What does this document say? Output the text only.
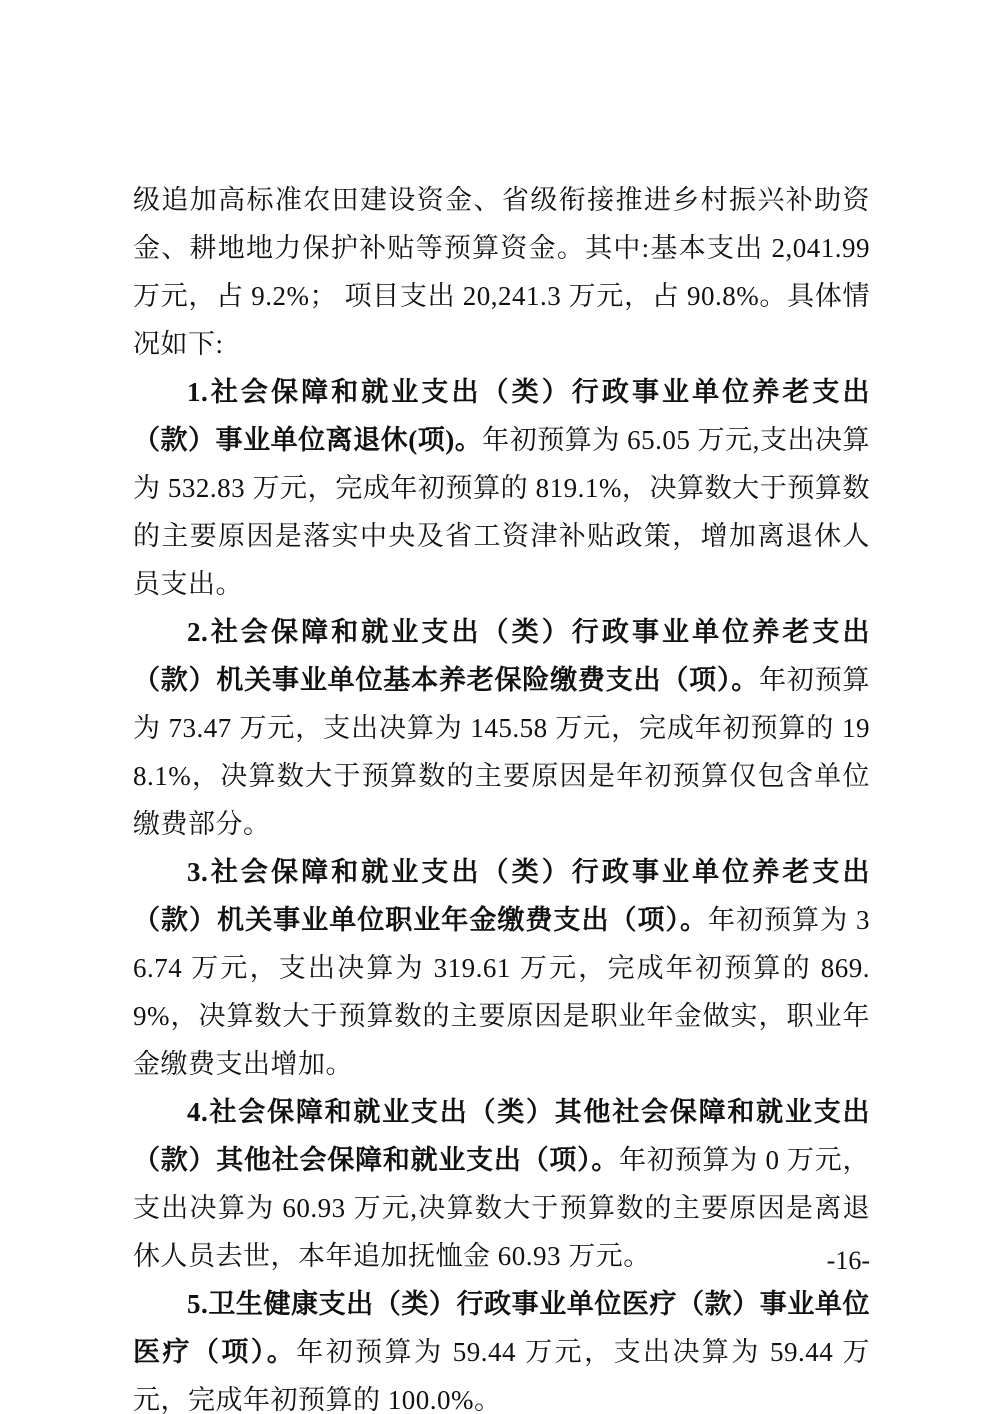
级追加高标准农田建设资金、省级衔接推进乡村振兴补助资金、耕地地力保护补贴等预算资金。其中:基本支出 2,041.99 万元，占 9.2%； 项目支出 20,241.3 万元，占 90.8%。具体情况如下:

1.社会保障和就业支出（类）行政事业单位养老支出（款）事业单位离退休(项)。年初预算为 65.05 万元,支出决算为 532.83 万元，完成年初预算的 819.1%，决算数大于预算数的主要原因是落实中央及省工资津补贴政策，增加离退休人员支出。

2.社会保障和就业支出（类）行政事业单位养老支出（款）机关事业单位基本养老保险缴费支出（项）。年初预算为 73.47 万元，支出决算为 145.58 万元，完成年初预算的 198.1%，决算数大于预算数的主要原因是年初预算仅包含单位缴费部分。

3.社会保障和就业支出（类）行政事业单位养老支出（款）机关事业单位职业年金缴费支出（项）。年初预算为 36.74 万元，支出决算为 319.61 万元，完成年初预算的 869.9%，决算数大于预算数的主要原因是职业年金做实，职业年金缴费支出增加。

4.社会保障和就业支出（类）其他社会保障和就业支出（款）其他社会保障和就业支出（项）。年初预算为 0 万元，支出决算为 60.93 万元,决算数大于预算数的主要原因是离退休人员去世，本年追加抚恤金 60.93 万元。

5.卫生健康支出（类）行政事业单位医疗（款）事业单位医疗（项）。年初预算为 59.44 万元，支出决算为 59.44 万元，完成年初预算的 100.0%。

-16-
